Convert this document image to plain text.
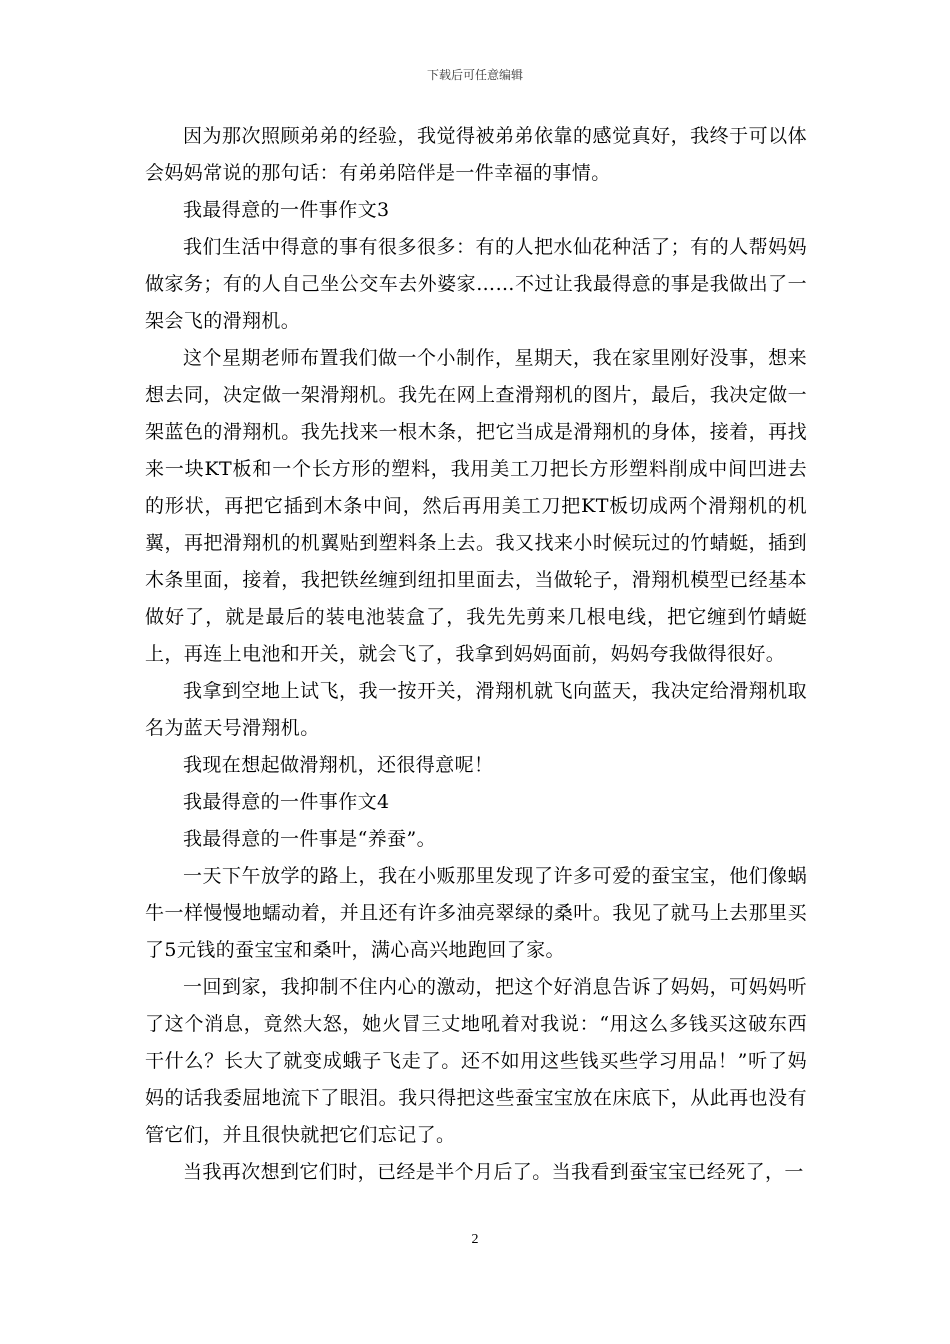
下载后可任意编辑

因为那次照顾弟弟的经验，我觉得被弟弟依靠的感觉真好，我终于可以体会妈妈常说的那句话：有弟弟陪伴是一件幸福的事情。

我最得意的一件事作文3

我们生活中得意的事有很多很多：有的人把水仙花种活了；有的人帮妈妈做家务；有的人自己坐公交车去外婆家……不过让我最得意的事是我做出了一架会飞的滑翔机。

这个星期老师布置我们做一个小制作，星期天，我在家里刚好没事，想来想去同，决定做一架滑翔机。我先在网上查滑翔机的图片，最后，我决定做一架蓝色的滑翔机。我先找来一根木条，把它当成是滑翔机的身体，接着，再找来一块KT板和一个长方形的塑料，我用美工刀把长方形塑料削成中间凹进去的形状，再把它插到木条中间，然后再用美工刀把KT板切成两个滑翔机的机翼，再把滑翔机的机翼贴到塑料条上去。我又找来小时候玩过的竹蜻蜓，插到木条里面，接着，我把铁丝缠到纽扣里面去，当做轮子，滑翔机模型已经基本做好了，就是最后的装电池装盒了，我先先剪来几根电线，把它缠到竹蜻蜓上，再连上电池和开关，就会飞了，我拿到妈妈面前，妈妈夸我做得很好。

我拿到空地上试飞，我一按开关，滑翔机就飞向蓝天，我决定给滑翔机取名为蓝天号滑翔机。

我现在想起做滑翔机，还很得意呢！

我最得意的一件事作文4

我最得意的一件事是“养蚕”。

一天下午放学的路上，我在小贩那里发现了许多可爱的蚕宝宝，他们像蜗牛一样慢慢地蠕动着，并且还有许多油亮翠绿的桑叶。我见了就马上去那里买了5元钱的蚕宝宝和桑叶，满心高兴地跑回了家。

一回到家，我抑制不住内心的激动，把这个好消息告诉了妈妈，可妈妈听了这个消息，竟然大怒，她火冒三丈地吼着对我说：“用这么多钱买这破东西干什么？长大了就变成蛾子飞走了。还不如用这些钱买些学习用品！”听了妈妈的话我委屈地流下了眼泪。我只得把这些蚕宝宝放在床底下，从此再也没有管它们，并且很快就把它们忘记了。

当我再次想到它们时，已经是半个月后了。当我看到蚕宝宝已经死了，一

2
